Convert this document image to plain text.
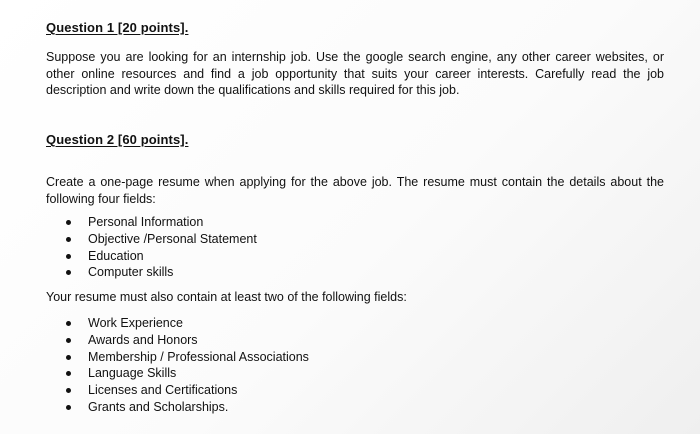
Question 1 [20 points].
Suppose you are looking for an internship job. Use the google search engine, any other career websites, or other online resources and find a job opportunity that suits your career interests. Carefully read the job description and write down the qualifications and skills required for this job.
Question 2 [60 points].
Create a one-page resume when applying for the above job. The resume must contain the details about the following four fields:
Personal Information
Objective /Personal Statement
Education
Computer skills
Your resume must also contain at least two of the following fields:
Work Experience
Awards and Honors
Membership / Professional Associations
Language Skills
Licenses and Certifications
Grants and Scholarships.
